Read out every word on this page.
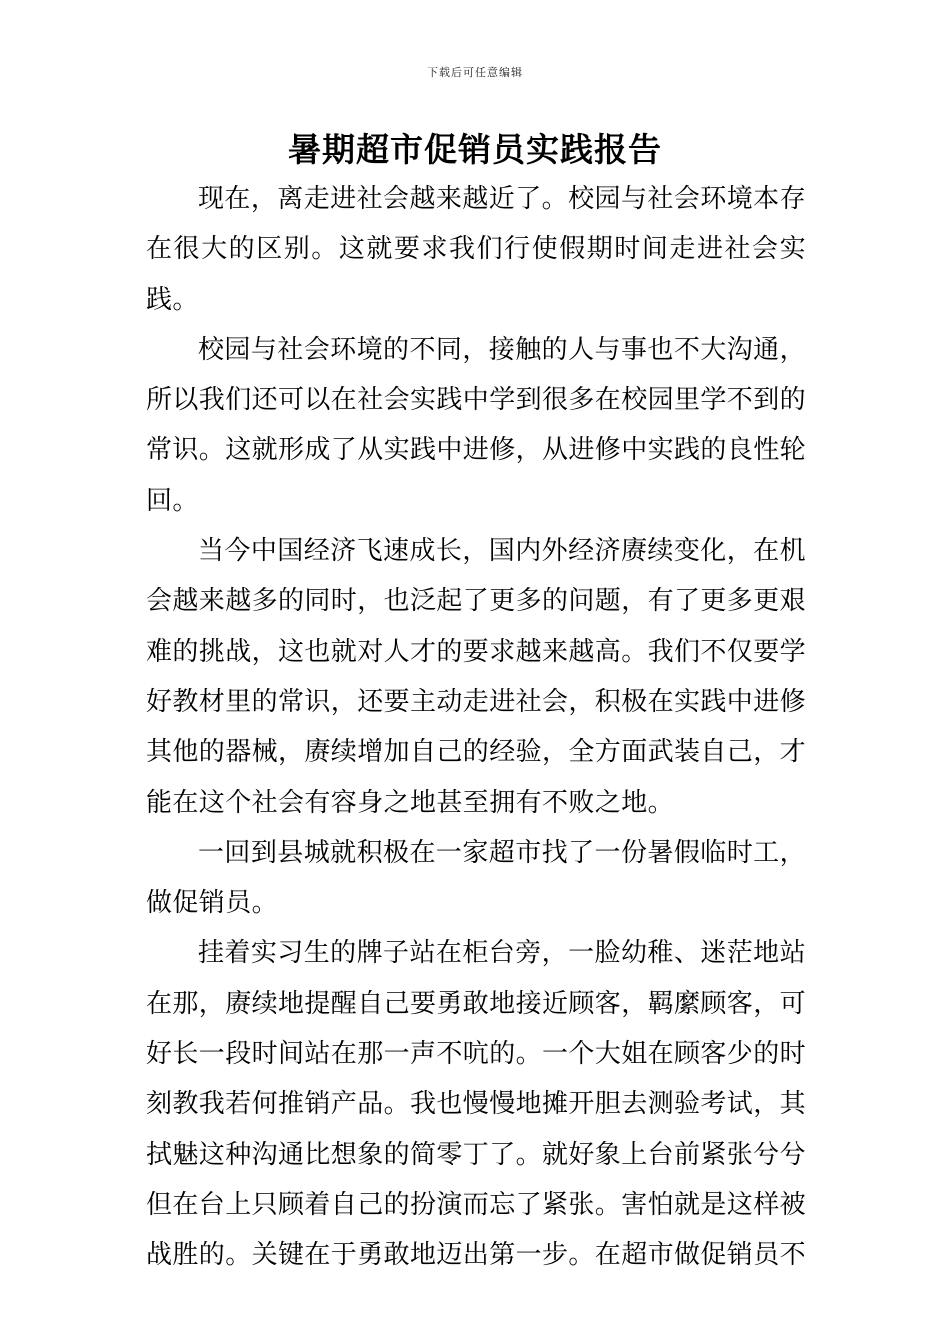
下载后可任意编辑
暑期超市促销员实践报告

现在，离走进社会越来越近了。校园与社会环境本存在很大的区别。这就要求我们行使假期时间走进社会实践。

校园与社会环境的不同，接触的人与事也不大沟通，所以我们还可以在社会实践中学到很多在校园里学不到的常识。这就形成了从实践中进修，从进修中实践的良性轮回。

当今中国经济飞速成长，国内外经济赓续变化，在机会越来越多的同时，也泛起了更多的问题，有了更多更艰难的挑战，这也就对人才的要求越来越高。我们不仅要学好教材里的常识，还要主动走进社会，积极在实践中进修其他的器械，赓续增加自己的经验，全方面武装自己，才能在这个社会有容身之地甚至拥有不败之地。

一回到县城就积极在一家超市找了一份暑假临时工，做促销员。

挂着实习生的牌子站在柜台旁，一脸幼稚、迷茫地站在那，赓续地提醒自己要勇敢地接近顾客，羁縻顾客，可好长一段时间站在那一声不吭的。一个大姐在顾客少的时刻教我若何推销产品。我也慢慢地摊开胆去测验考试，其拭魅这种沟通比想象的简零丁了。就好象上台前紧张兮兮但在台上只顾着自己的扮演而忘了紧张。害怕就是这样被战胜的。关键在于勇敢地迈出第一步。在超市做促销员不
